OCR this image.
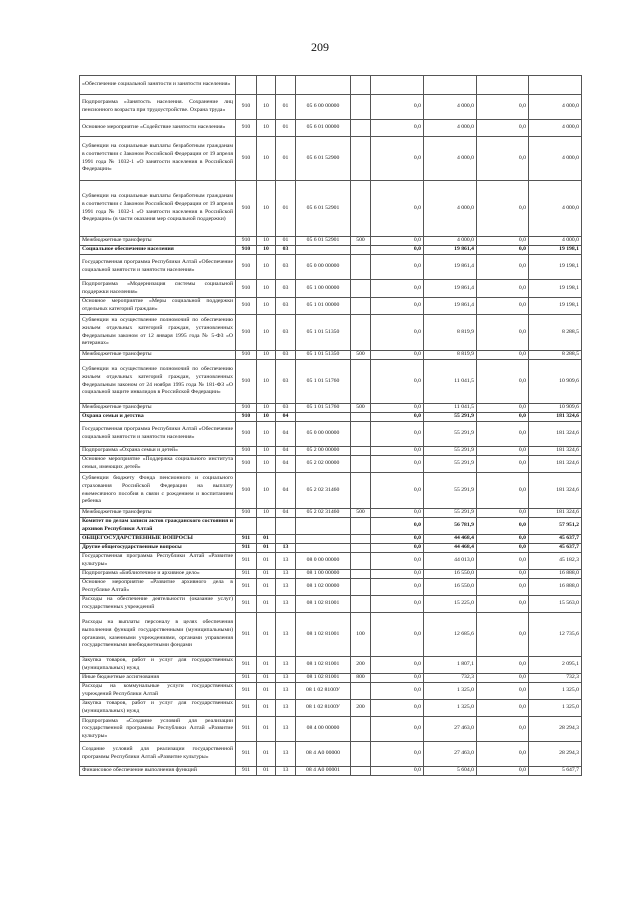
209
«Обеспечение социальной занятости и занятости населения»									
Подпрограмма «Занятость населения. Сохранение лиц пенсионного возраста при трудоустройстве. Охрана труда»	910	10	01	05 6 00 00000		0,0	4 000,0	0,0	4 000,0
Основное мероприятие «Содействие занятости населения»	910	10	01	05 6 01 00000		0,0	4 000,0	0,0	4 000,0
Субвенции на социальные выплаты безработным гражданам в соответствии с Законом Российской Федерации от 19 апреля 1991 года № 1032-1 «О занятости населения в Российской Федерации»	910	10	01	05 6 01 52900		0,0	4 000,0	0,0	4 000,0
Субвенции на социальные выплаты безработным гражданам в соответствии с Законом Российской Федерации от 19 апреля 1991 года № 1032-1 «О занятости населения в Российской Федерации» (в части оказания мер социальной поддержки)	910	10	01	05 6 01 52901		0,0	4 000,0	0,0	4 000,0
Межбюджетные трансферты	910	10	01	05 6 01 52901	500	0,0	4 000,0	0,0	4 000,0
Социальное обеспечение населения	910	10	03			0,0	19 861,4	0,0	19 198,1
Государственная программа Республики Алтай «Обеспечение социальной занятости и занятости населения»	910	10	03	05 0 00 00000		0,0	19 861,4	0,0	19 198,1
Подпрограмма «Модернизация системы социальной поддержки населения»	910	10	03	05 1 00 00000		0,0	19 861,4	0,0	19 198,1
Основное мероприятие «Меры социальной поддержки отдельных категорий граждан»	910	10	03	05 1 01 00000		0,0	19 861,4	0,0	19 198,1
Субвенции на осуществление полномочий по обеспечению жильем отдельных категорий граждан, установленных Федеральным законом от 12 января 1995 года № 5-ФЗ «О ветеранах»	910	10	03	05 1 01 51350		0,0	8 819,9	0,0	8 288,5
Межбюджетные трансферты	910	10	03	05 1 01 51350	500	0,0	8 819,9	0,0	8 288,5
Субвенции на осуществление полномочий по обеспечению жильем отдельных категорий граждан, установленных Федеральным законом от 24 ноября 1995 года № 181-ФЗ «О социальной защите инвалидов в Российской Федерации»	910	10	03	05 1 01 51760		0,0	11 041,5	0,0	10 909,6
Межбюджетные трансферты	910	10	03	05 1 01 51760	500	0,0	11 041,5	0,0	10 909,6
Охрана семьи и детства	910	10	04			0,0	55 291,9	0,0	181 324,6
Государственная программа Республики Алтай «Обеспечение социальной занятости и занятости населения»	910	10	04	05 0 00 00000		0,0	55 291,9	0,0	181 324,6
Подпрограмма «Охрана семьи и детей»	910	10	04	05 2 00 00000		0,0	55 291,9	0,0	181 324,6
Основное мероприятие «Поддержка социального института семьи, имеющих детей»	910	10	04	05 2 02 00000		0,0	55 291,9	0,0	181 324,6
Субвенции бюджету Фонда пенсионного и социального страхования Российской Федерации на выплату ежемесячного пособия в связи с рождением и воспитанием ребенка	910	10	04	05 2 02 31460		0,0	55 291,9	0,0	181 324,6
Межбюджетные трансферты	910	10	04	05 2 02 31460	500	0,0	55 291,9	0,0	181 324,6
Комитет по делам записи актов гражданского состояния и архивов Республики Алтай						0,0	56 781,9	0,0	57 951,2
ОБЩЕГОСУДАРСТВЕННЫЕ ВОПРОСЫ	911	01				0,0	44 468,4	0,0	45 637,7
Другие общегосударственные вопросы	911	01	13			0,0	44 468,4	0,0	45 637,7
Государственная программа Республики Алтай «Развитие культуры»	911	01	13	08 0 00 00000		0,0	44 013,0	0,0	45 182,3
Подпрограмма «Библиотечное и архивное дело»	911	01	13	08 1 00 00000		0,0	16 550,0	0,0	16 888,0
Основное мероприятие «Развитие архивного дела в Республике Алтай»	911	01	13	08 1 02 00000		0,0	16 550,0	0,0	16 888,0
Расходы на обеспечение деятельности (оказание услуг) государственных учреждений	911	01	13	08 1 02 81001		0,0	15 225,0	0,0	15 563,0
Расходы на выплаты персоналу в целях обеспечения выполнения функций государственными (муниципальными) органами, казенными учреждениями, органами управления государственными внебюджетными фондами	911	01	13	08 1 02 81001	100	0,0	12 685,6	0,0	12 735,6
Закупка товаров, работ и услуг для государственных (муниципальных) нужд	911	01	13	08 1 02 81001	200	0,0	1 807,1	0,0	2 095,1
Иные бюджетные ассигнования	911	01	13	08 1 02 81001	800	0,0	732,3	0,0	732,3
Расходы на коммунальные услуги государственных учреждений Республики Алтай	911	01	13	08 1 02 8100У		0,0	1 325,0	0,0	1 325,0
Закупка товаров, работ и услуг для государственных (муниципальных) нужд	911	01	13	08 1 02 8100У	200	0,0	1 325,0	0,0	1 325,0
Подпрограмма «Создание условий для реализации государственной программы Республики Алтай «Развитие культуры»	911	01	13	08 4 00 00000		0,0	27 463,0	0,0	28 294,3
Создание условий для реализации государственной программы Республики Алтай «Развитие культуры»	911	01	13	08 4 А0 00000		0,0	27 463,0	0,0	28 294,3
Финансовое обеспечение выполнения функций	911	01	13	08 4 А0 00001		0,0	5 604,0	0,0	5 647,7
